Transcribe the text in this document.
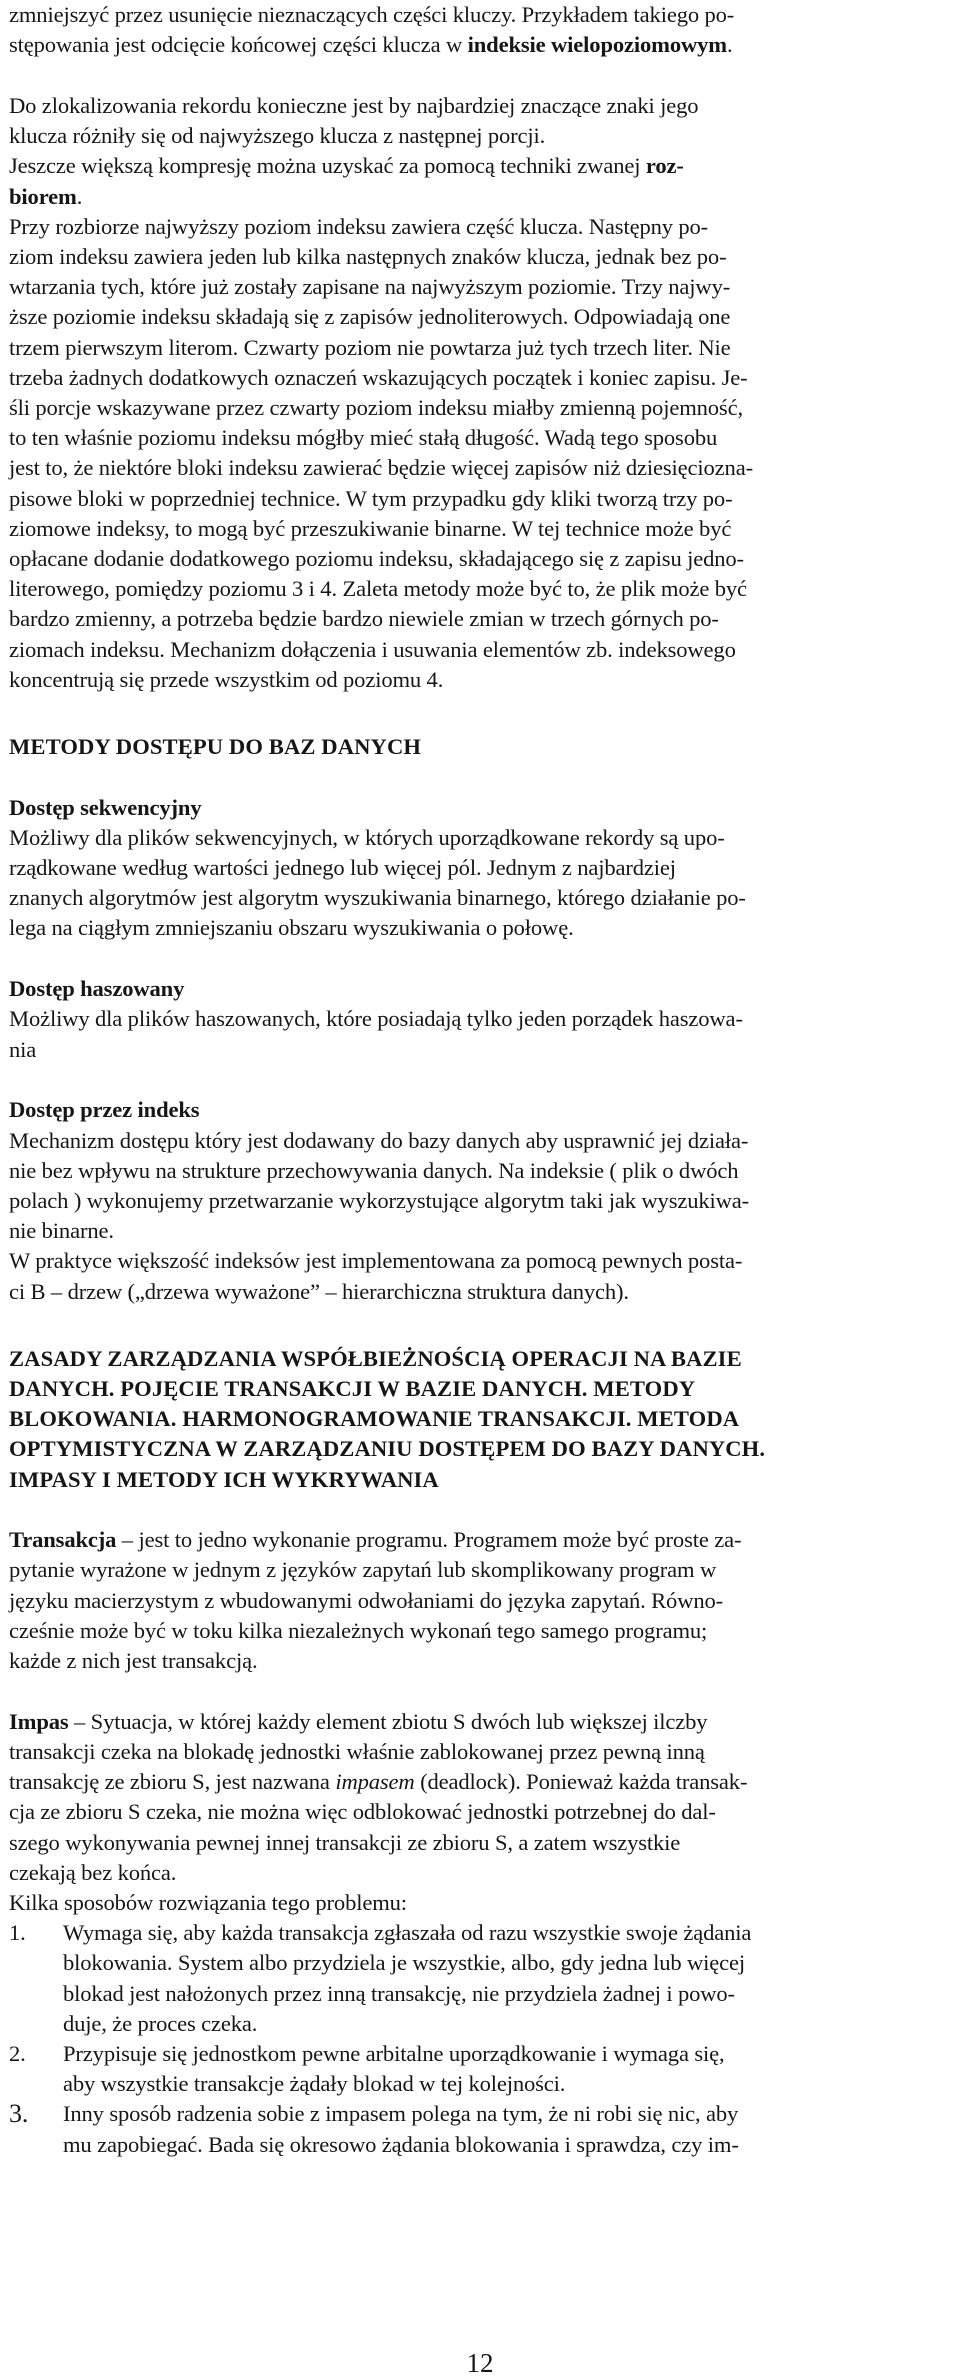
zmniejszyć przez usunięcie nieznaczących części kluczy. Przykładem takiego po-
stępowania jest odcięcie końcowej części klucza w indeksie wielopoziomowym.
Do zlokalizowania rekordu konieczne jest by najbardziej znaczące znaki jego
klucza różniły się od najwyższego klucza z następnej porcji.
Jeszcze większą kompresję można uzyskać za pomocą techniki zwanej roz-
biorem.
Przy rozbiorze najwyższy poziom indeksu zawiera część klucza. Następny po-
ziom indeksu zawiera jeden lub kilka następnych znaków klucza, jednak bez po-
wtarzania tych, które już zostały zapisane na najwyższym poziomie. Trzy najwy-
ższe poziomie indeksu składają się z zapisów jednoliterowych. Odpowiadają one
trzem pierwszym literom. Czwarty poziom nie powtarza już tych trzech liter. Nie
trzeba żadnych dodatkowych oznaczeń wskazujących początek i koniec zapisu. Je-
śli porcje wskazywane przez czwarty poziom indeksu miałby zmienną pojemność,
to ten właśnie poziomu indeksu mógłby mieć stałą długość. Wadą tego sposobu
jest to, że niektóre bloki indeksu zawierać będzie więcej zapisów niż dziesięciozna-
pisowe bloki w poprzedniej technice. W tym przypadku gdy kliki tworzą trzy po-
ziomowe indeksy, to mogą być przeszukiwanie binarne. W tej technice może być
opłacane dodanie dodatkowego poziomu indeksu, składającego się z zapisu jedno-
literowego, pomiędzy poziomu 3 i 4. Zaleta metody może być to, że plik może być
bardzo zmienny, a potrzeba będzie bardzo niewiele zmian w trzech górnych po-
ziomach indeksu. Mechanizm dołączenia i usuwania elementów zb. indeksowego
koncentrują się przede wszystkim od poziomu 4.
METODY DOSTĘPU DO BAZ DANYCH
Dostęp sekwencyjny
Możliwy dla plików sekwencyjnych, w których uporządkowane rekordy są upo-
rządkowane według wartości jednego lub więcej pól. Jednym z najbardziej
znanych algorytmów jest algorytm wyszukiwania binarnego, którego działanie po-
lega na ciągłym zmniejszaniu obszaru wyszukiwania o połowę.
Dostęp haszowany
Możliwy dla plików haszowanych, które posiadają tylko jeden porządek haszowa-
nia
Dostęp przez indeks
Mechanizm dostępu który jest dodawany do bazy danych aby usprawnić jej działa-
nie bez wpływu na strukture przechowywania danych. Na indeksie ( plik o dwóch
polach ) wykonujemy przetwarzanie wykorzystujące algorytm taki jak wyszukiwa-
nie binarne.
W praktyce większość indeksów jest implementowana za pomocą pewnych posta-
ci B – drzew („drzewa wyważone” – hierarchiczna struktura danych).
ZASADY ZARZĄDZANIA WSPÓŁBIEŻNOŚCIĄ OPERACJI NA BAZIE
DANYCH. POJĘCIE TRANSAKCJI W BAZIE DANYCH. METODY
BLOKOWANIA. HARMONOGRAMOWANIE TRANSAKCJI. METODA
OPTYMISTYCZNA W ZARZĄDZANIU DOSTĘPEM DO BAZY DANYCH.
IMPASY I METODY ICH WYKRYWANIA
Transakcja – jest to jedno wykonanie programu. Programem może być proste za-
pytanie wyrażone w jednym z języków zapytań lub skomplikowany program w
języku macierzystym z wbudowanymi odwołaniami do języka zapytań. Równo-
cześnie może być w toku kilka niezależnych wykonań tego samego programu;
każde z nich jest transakcją.
Impas – Sytuacja, w której każdy element zbiotu S dwóch lub większej ilczby
transakcji czeka na blokadę jednostki właśnie zablokowanej przez pewną inną
transakcję ze zbioru S, jest nazwana impasem (deadlock). Ponieważ każda transak-
cja ze zbioru S czeka, nie można więc odblokować jednostki potrzebnej do dal-
szego wykonywania pewnej innej transakcji ze zbioru S, a zatem wszystkie
czekają bez końca.
Kilka sposobów rozwiązania tego problemu:
1. Wymaga się, aby każda transakcja zgłaszała od razu wszystkie swoje żądania
blokowania. System albo przydziela je wszystkie, albo, gdy jedna lub więcej
blokad jest nałożonych przez inną transakcję, nie przydziela żadnej i powo-
duje, że proces czeka.
2. Przypisuje się jednostkom pewne arbitalne uporządkowanie i wymaga się,
aby wszystkie transakcje żądały blokad w tej kolejności.
3. Inny sposób radzenia sobie z impasem polega na tym, że ni robi się nic, aby
mu zapobiegać. Bada się okresowo żądania blokowania i sprawdza, czy im-
12
